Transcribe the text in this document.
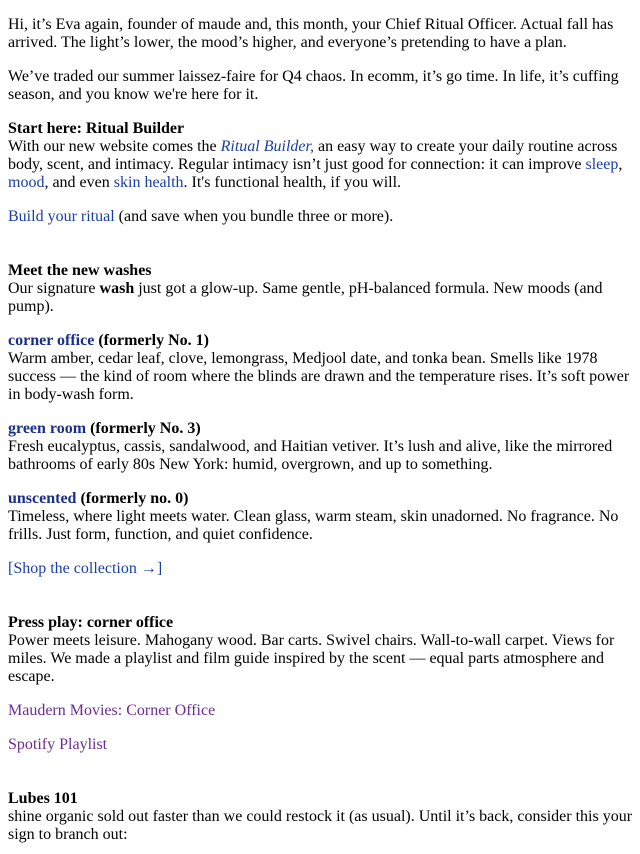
Hi, it’s Eva again, founder of maude and, this month, your Chief Ritual Officer. Actual fall has arrived. The light’s lower, the mood’s higher, and everyone’s pretending to have a plan.

We’ve traded our summer laissez-faire for Q4 chaos. In ecomm, it’s go time. In life, it’s cuffing season, and you know we're here for it.

Start here: Ritual Builder

With our new website comes the Ritual Builder, an easy way to create your daily routine across body, scent, and intimacy. Regular intimacy isn’t just good for connection: it can improve sleep, mood, and even skin health. It's functional health, if you will.

Build your ritual (and save when you bundle three or more).

Meet the new washes

Our signature wash just got a glow-up. Same gentle, pH-balanced formula. New moods (and pump).

corner office (formerly No. 1)

Warm amber, cedar leaf, clove, lemongrass, Medjool date, and tonka bean. Smells like 1978 success — the kind of room where the blinds are drawn and the temperature rises. It’s soft power in body-wash form.

green room (formerly No. 3)

Fresh eucalyptus, cassis, sandalwood, and Haitian vetiver. It’s lush and alive, like the mirrored bathrooms of early 80s New York: humid, overgrown, and up to something.

unscented (formerly no. 0)

Timeless, where light meets water. Clean glass, warm steam, skin unadorned. No fragrance. No frills. Just form, function, and quiet confidence.

[Shop the collection →]

Press play: corner office

Power meets leisure. Mahogany wood. Bar carts. Swivel chairs. Wall-to-wall carpet. Views for miles. We made a playlist and film guide inspired by the scent — equal parts atmosphere and escape.

Maudern Movies: Corner Office

Spotify Playlist

Lubes 101

shine organic sold out faster than we could restock it (as usual). Until it’s back, consider this your sign to branch out:
